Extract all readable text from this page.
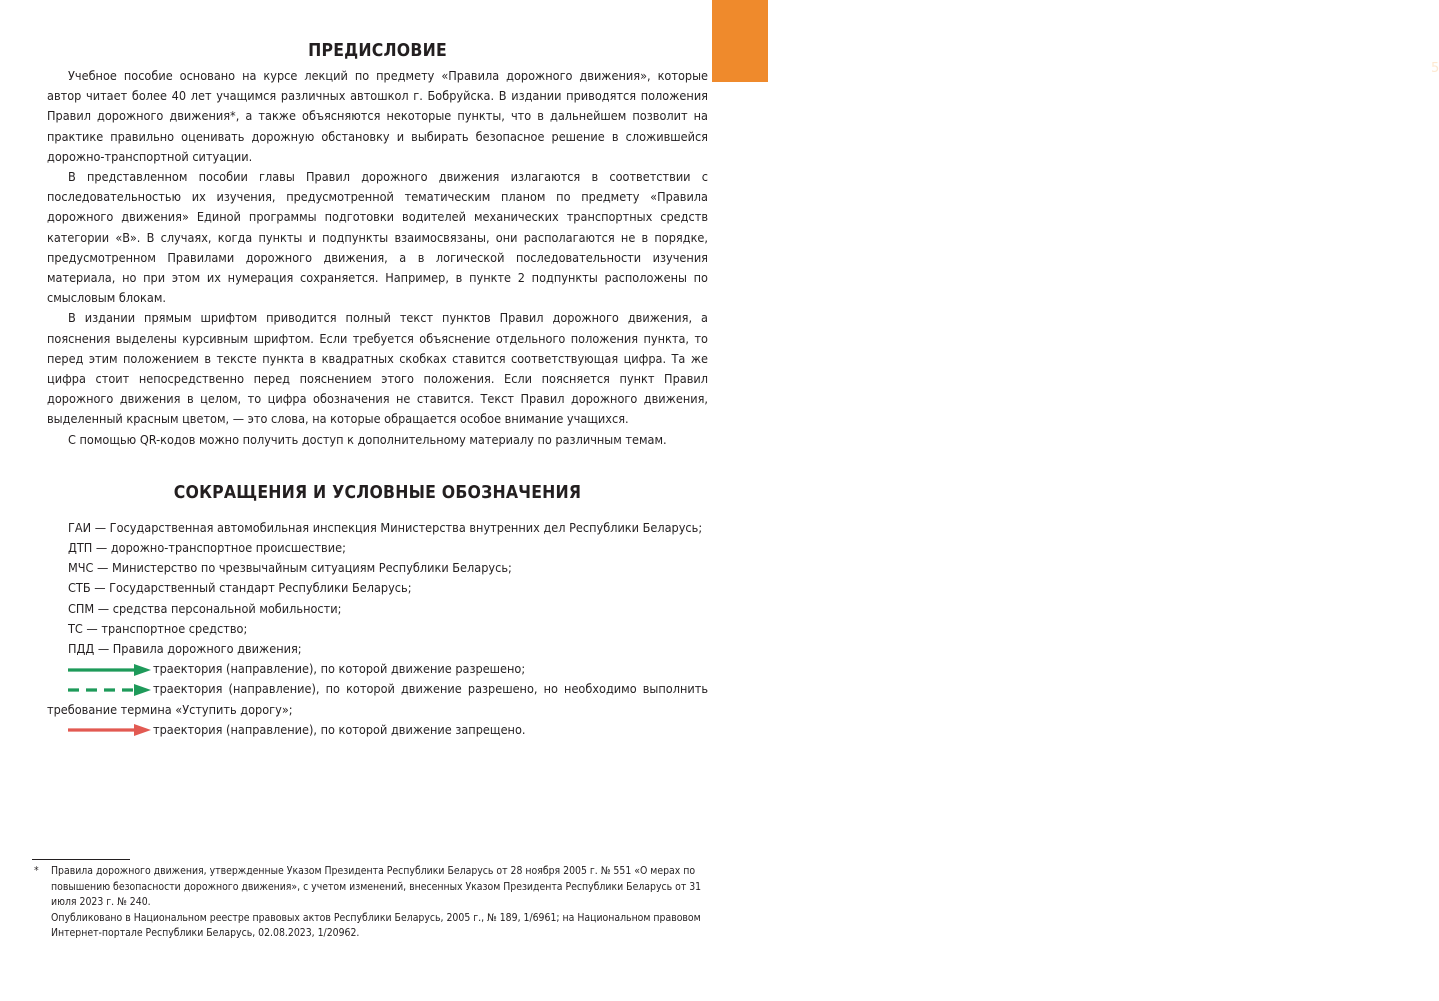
5
ПРЕДИСЛОВИЕ

Учебное пособие основано на курсе лекций по предмету «Правила дорожного движения», которые автор читает более 40 лет учащимся различных автошкол г. Бобруйска. В издании приводятся положения Правил дорожного движения*, а также объясняются некоторые пункты, что в дальнейшем позволит на практике правильно оценивать дорожную обстановку и выбирать безопасное решение в сложившейся дорожно-транспортной ситуации.

В представленном пособии главы Правил дорожного движения излагаются в соответствии с последовательностью их изучения, предусмотренной тематическим планом по предмету «Правила дорожного движения» Единой программы подготовки водителей механических транспортных средств категории «B». В случаях, когда пункты и подпункты взаимосвязаны, они располагаются не в порядке, предусмотренном Правилами дорожного движения, а в логической последовательности изучения материала, но при этом их нумерация сохраняется. Например, в пункте 2 подпункты расположены по смысловым блокам.

В издании прямым шрифтом приводится полный текст пунктов Правил дорожного движения, а пояснения выделены курсивным шрифтом. Если требуется объяснение отдельного положения пункта, то перед этим положением в тексте пункта в квадратных скобках ставится соответствующая цифра. Та же цифра стоит непосредственно перед пояснением этого положения. Если поясняется пункт Правил дорожного движения в целом, то цифра обозначения не ставится. Текст Правил дорожного движения, выделенный красным цветом, — это слова, на которые обращается особое внимание учащихся.

С помощью QR-кодов можно получить доступ к дополнительному материалу по различным темам.

СОКРАЩЕНИЯ И УСЛОВНЫЕ ОБОЗНАЧЕНИЯ

ГАИ — Государственная автомобильная инспекция Министерства внутренних дел Республики Беларусь;

ДТП — дорожно-транспортное происшествие;

МЧС — Министерство по чрезвычайным ситуациям Республики Беларусь;

СТБ — Государственный стандарт Республики Беларусь;

СПМ — средства персональной мобильности;

ТС — транспортное средство;

ПДД — Правила дорожного движения;

траектория (направление), по которой движение разрешено;

траектория (направление), по которой движение разрешено, но необходимо выполнить требование термина «Уступить дорогу»;

траектория (направление), по которой движение запрещено.

* Правила дорожного движения, утвержденные Указом Президента Республики Беларусь от 28 ноября 2005 г. № 551 «О мерах по повышению безопасности дорожного движения», с учетом изменений, внесенных Указом Президента Республики Беларусь от 31 июля 2023 г. № 240.

Опубликовано в Национальном реестре правовых актов Республики Беларусь, 2005 г., № 189, 1/6961; на Национальном правовом Интернет-портале Республики Беларусь, 02.08.2023, 1/20962.
